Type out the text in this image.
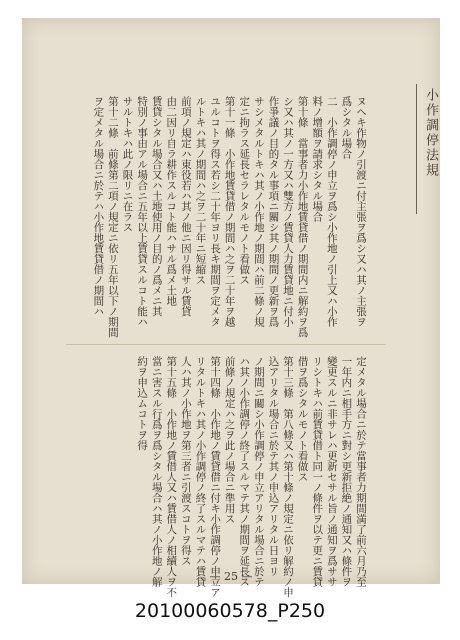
小作調停法規
ヌヘキ作物ノ引渡ニ付主張ヲ爲シ又ハ其ノ主張ヲ
爲シタル場合
二　小作調停ノ申立ヲ爲シ小作地ノ引上又ハ小作
料ノ增額ヲ請求シタル場合
第十條　當事者力小作地賃貸借ノ期間内ニ解約ヲ爲
シ又ハ其ノ一方又ハ雙方ノ賃貸人力賃貸地ニ付小
作爭議ノ目的タル事項ニ關シ其ノ期間ノ更新ヲ爲
サシメタルトキハ其ノ小作地ノ期間ハ前二條ノ規
定ニ拘ラス延長セラレタルモノト看做ス
第十一條　小作地賃貸借ノ期間ハ之ヲ二十年ヲ越
ユルコトヲ得ス若シ二十年ヨリ長キ期間ヲ定メタ
ルトキハ其ノ期間ハ之ヲ二十年ニ短縮ス
前項ノ規定ハ東役若ハ其ノ他ニ因リ得サル賃貸
由二因リ自ラ耕作スルコト能ハサル爲メ土地
賃貸シタル場合又ハ土地使用ノ目的ノ爲メニ其
特別ノ事由アル場合ニ五年以上賃貸スルコト能ハ
サルトキハ此ノ限リニ在ラス
第十二條　前條第二項ノ規定ニ依リ五年以下ノ期間
ヲ定メタル場合ニ於テハ小作地賃貸借ノ期間ハ
定メタル場合ニ於テ當事者力期間満了前六月乃至
一年内ニ相手方ニ對シ更新拒絶ノ通知又ハ條件ヲ
變更スルニ非サレハ更新セサル旨ノ通知ヲ爲ササ
リシトキハ前賃貸借ト同一ノ條件ヲ以テ更ニ賃貸
借ヲ爲シタルモノト看做ス
第十三條　第八條又ハ第十條ノ規定ニ依リ解約ノ申
込アリタル場合ニ於テ其ノ申込アリタル日ヨリ
ノ期間ニ關シ小作調停ノ申立アリタル場合ニ於テ
ハ其ノ小作調停ノ終了スルマテ其ノ期間ヲ延長ス
前條ノ規定ハ之ヲ此ノ場合ニ準用ス
第十四條　小作地ノ賃貸借ニ付キ小作調停ノ申立ア
リタルトキハ其ノ小作調停ノ終了スルマテハ賃貸
人ハ其ノ小作地ヲ第三者ニ引渡スコトヲ得ス
第十五條　小作地ノ賃借人又ハ賃借人ノ相續人ヲ不
當ニ害スル行爲ヲ爲シタル場合ハ其ノ小作地ノ解
約ヲ申込ムコトヲ得
— 25 —
20100060578_P250
